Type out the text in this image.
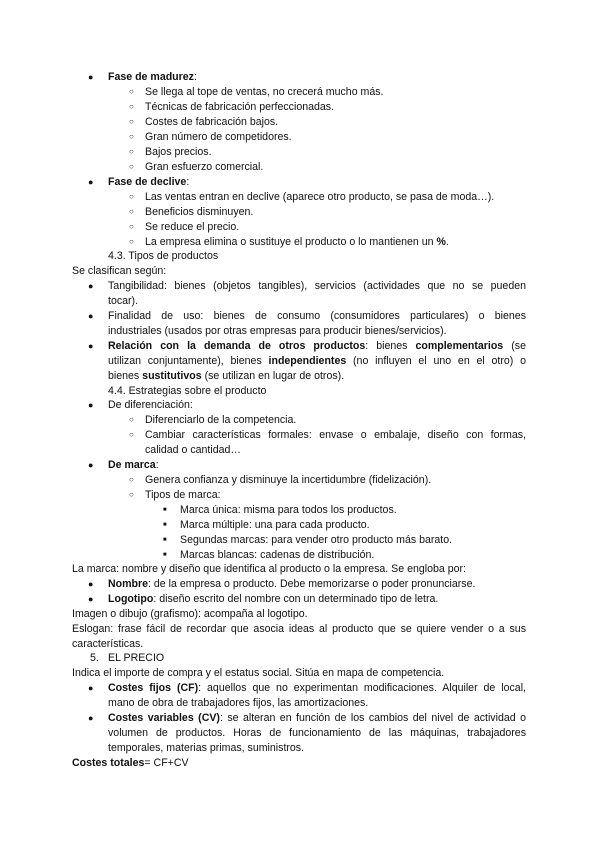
● Fase de madurez:
○ Se llega al tope de ventas, no crecerá mucho más.
○ Técnicas de fabricación perfeccionadas.
○ Costes de fabricación bajos.
○ Gran número de competidores.
○ Bajos precios.
○ Gran esfuerzo comercial.
● Fase de declive:
○ Las ventas entran en declive (aparece otro producto, se pasa de moda…).
○ Beneficios disminuyen.
○ Se reduce el precio.
○ La empresa elimina o sustituye el producto o lo mantienen un %.
4.3. Tipos de productos
Se clasifican según:
● Tangibilidad: bienes (objetos tangibles), servicios (actividades que no se pueden
tocar).
● Finalidad de uso: bienes de consumo (consumidores particulares) o bienes
industriales (usados por otras empresas para producir bienes/servicios).
● Relación con la demanda de otros productos: bienes complementarios (se
utilizan conjuntamente), bienes independientes (no influyen el uno en el otro) o
bienes sustitutivos (se utilizan en lugar de otros).
4.4. Estrategias sobre el producto
● De diferenciación:
○ Diferenciarlo de la competencia.
○ Cambiar características formales: envase o embalaje, diseño con formas,
calidad o cantidad…
● De marca:
○ Genera confianza y disminuye la incertidumbre (fidelización).
○ Tipos de marca:
■ Marca única: misma para todos los productos.
■ Marca múltiple: una para cada producto.
■ Segundas marcas: para vender otro producto más barato.
■ Marcas blancas: cadenas de distribución.
La marca: nombre y diseño que identifica al producto o la empresa. Se engloba por:
● Nombre: de la empresa o producto. Debe memorizarse o poder pronunciarse.
● Logotipo: diseño escrito del nombre con un determinado tipo de letra.
Imagen o dibujo (grafismo): acompaña al logotipo.
Eslogan: frase fácil de recordar que asocia ideas al producto que se quiere vender o a sus
características.
5. EL PRECIO
Indica el importe de compra y el estatus social. Sitúa en mapa de competencia.
● Costes fijos (CF): aquellos que no experimentan modificaciones. Alquiler de local,
mano de obra de trabajadores fijos, las amortizaciones.
● Costes variables (CV): se alteran en función de los cambios del nivel de actividad o
volumen de productos. Horas de funcionamiento de las máquinas, trabajadores
temporales, materias primas, suministros.
Costes totales= CF+CV
